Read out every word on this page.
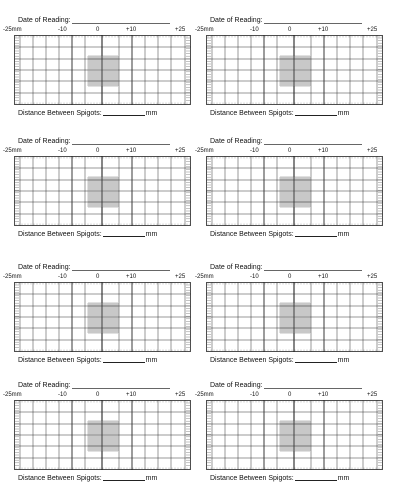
Date of Reading:
-25mm	-10	0	+10	+25
Distance Between Spigots:	mm
Date of Reading:
-25mm	-10	0	+10	+25
Distance Between Spigots:	mm
Date of Reading:
-25mm	-10	0	+10	+25
Distance Between Spigots:	mm
Date of Reading:
-25mm	-10	0	+10	+25
Distance Between Spigots:	mm
Date of Reading:
-25mm	-10	0	+10	+25
Distance Between Spigots:	mm
Date of Reading:
-25mm	-10	0	+10	+25
Distance Between Spigots:	mm
Date of Reading:
-25mm	-10	0	+10	+25
Distance Between Spigots:	mm
Date of Reading:
-25mm	-10	0	+10	+25
Distance Between Spigots:	mm
